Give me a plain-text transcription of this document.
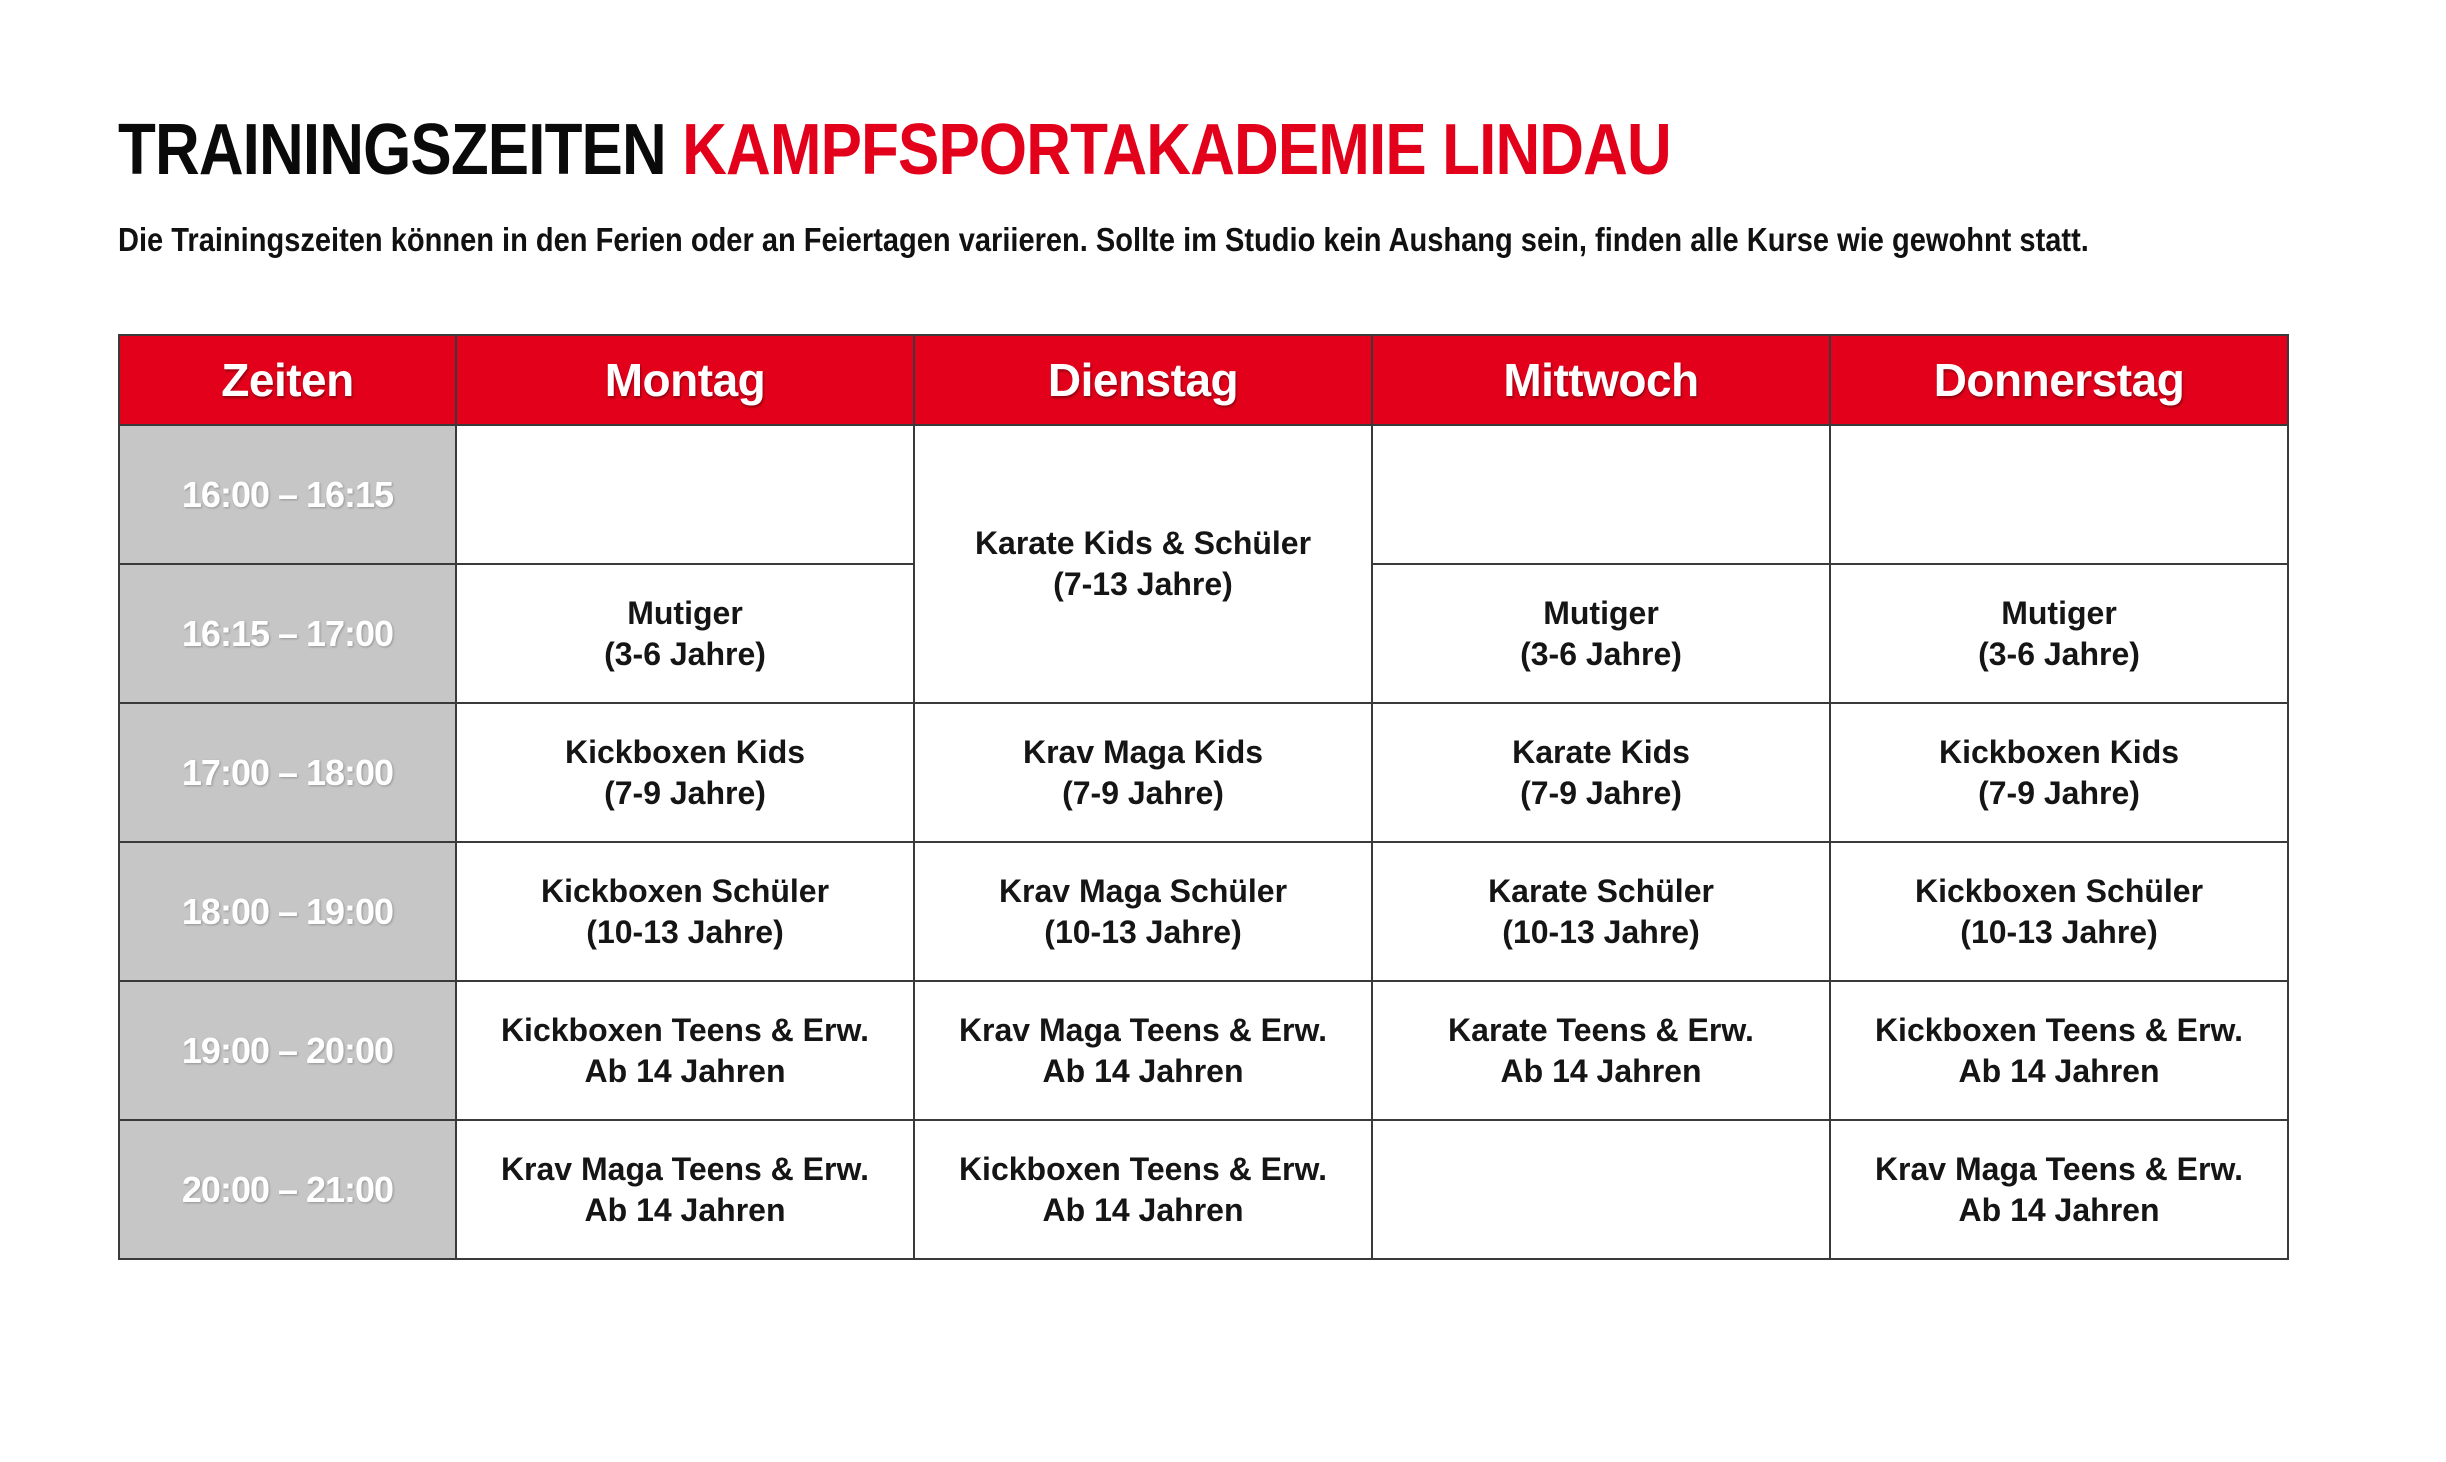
TRAININGSZEITEN KAMPFSPORTAKADEMIE LINDAU

Die Trainingszeiten können in den Ferien oder an Feiertagen variieren. Sollte im Studio kein Aushang sein, finden alle Kurse wie gewohnt statt.

Zeiten	Montag	Dienstag	Mittwoch	Donnerstag
16:00 – 16:15		Karate Kids & Schüler
(7-13 Jahre)		

16:15 – 17:00	Mutiger
(3-6 Jahre)		Mutiger
(3-6 Jahre)	Mutiger
(3-6 Jahre)

17:00 – 18:00	Kickboxen Kids
(7-9 Jahre)	Krav Maga Kids
(7-9 Jahre)	Karate Kids
(7-9 Jahre)	Kickboxen Kids
(7-9 Jahre)

18:00 – 19:00	Kickboxen Schüler
(10-13 Jahre)	Krav Maga Schüler
(10-13 Jahre)	Karate Schüler
(10-13 Jahre)	Kickboxen Schüler
(10-13 Jahre)

19:00 – 20:00	Kickboxen Teens & Erw.
Ab 14 Jahren	Krav Maga Teens & Erw.
Ab 14 Jahren	Karate Teens & Erw.
Ab 14 Jahren	Kickboxen Teens & Erw.
Ab 14 Jahren

20:00 – 21:00	Krav Maga Teens & Erw.
Ab 14 Jahren	Kickboxen Teens & Erw.
Ab 14 Jahren		Krav Maga Teens & Erw.
Ab 14 Jahren
